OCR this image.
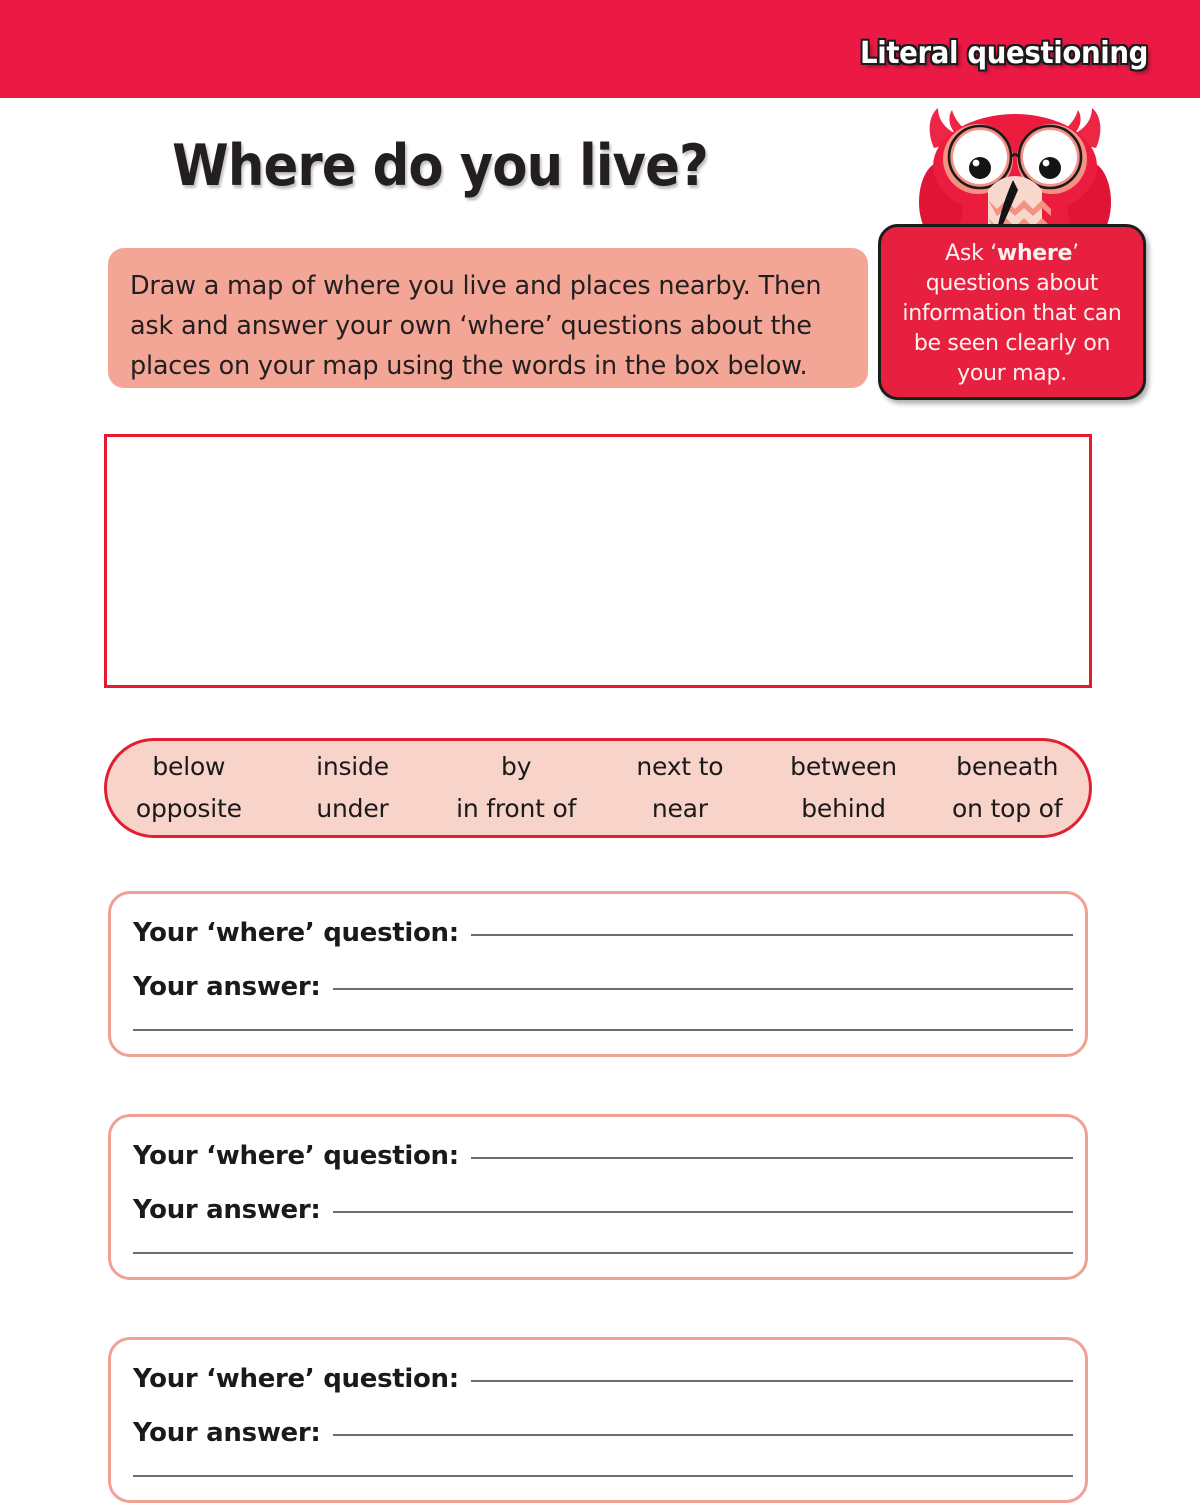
Literal questioning
Where do you live?
Draw a map of where you live and places nearby. Then ask and answer your own ‘where’ questions about the places on your map using the words in the box below.
Ask ‘where’ questions about information that can be seen clearly on your map.
below
opposite
inside
under
by
in front of
next to
near
between
behind
beneath
on top of
Your ‘where’ question:
Your answer:
Your ‘where’ question:
Your answer:
Your ‘where’ question:
Your answer:
